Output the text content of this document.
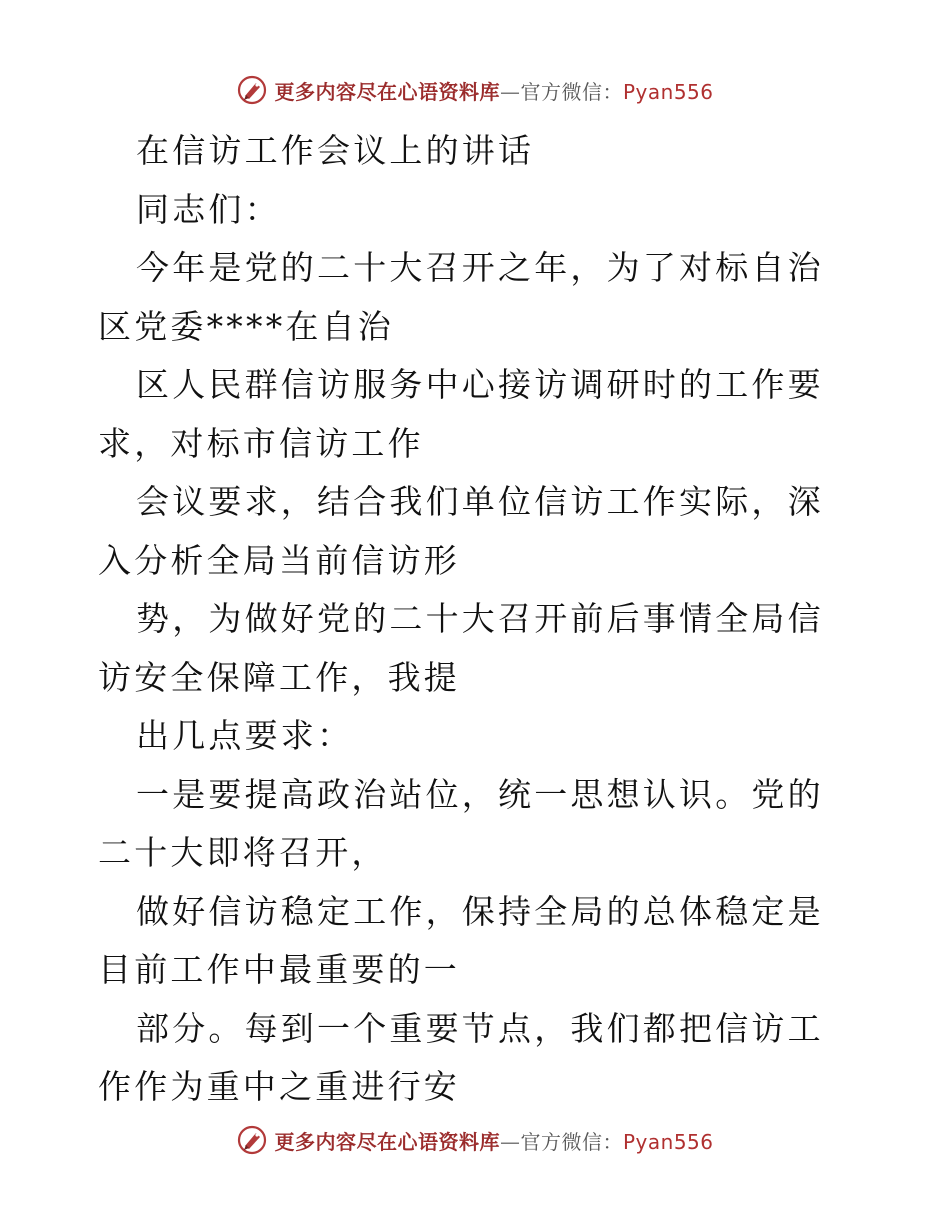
更多内容尽在心语资料库—官方微信：Pyan556

在信访工作会议上的讲话

同志们：

今年是党的二十大召开之年，为了对标自治区党委****在自治

区人民群信访服务中心接访调研时的工作要求，对标市信访工作

会议要求，结合我们单位信访工作实际，深入分析全局当前信访形

势，为做好党的二十大召开前后事情全局信访安全保障工作，我提

出几点要求：

一是要提高政治站位，统一思想认识。党的二十大即将召开，

做好信访稳定工作，保持全局的总体稳定是目前工作中最重要的一

部分。每到一个重要节点，我们都把信访工作作为重中之重进行安

更多内容尽在心语资料库—官方微信：Pyan556
